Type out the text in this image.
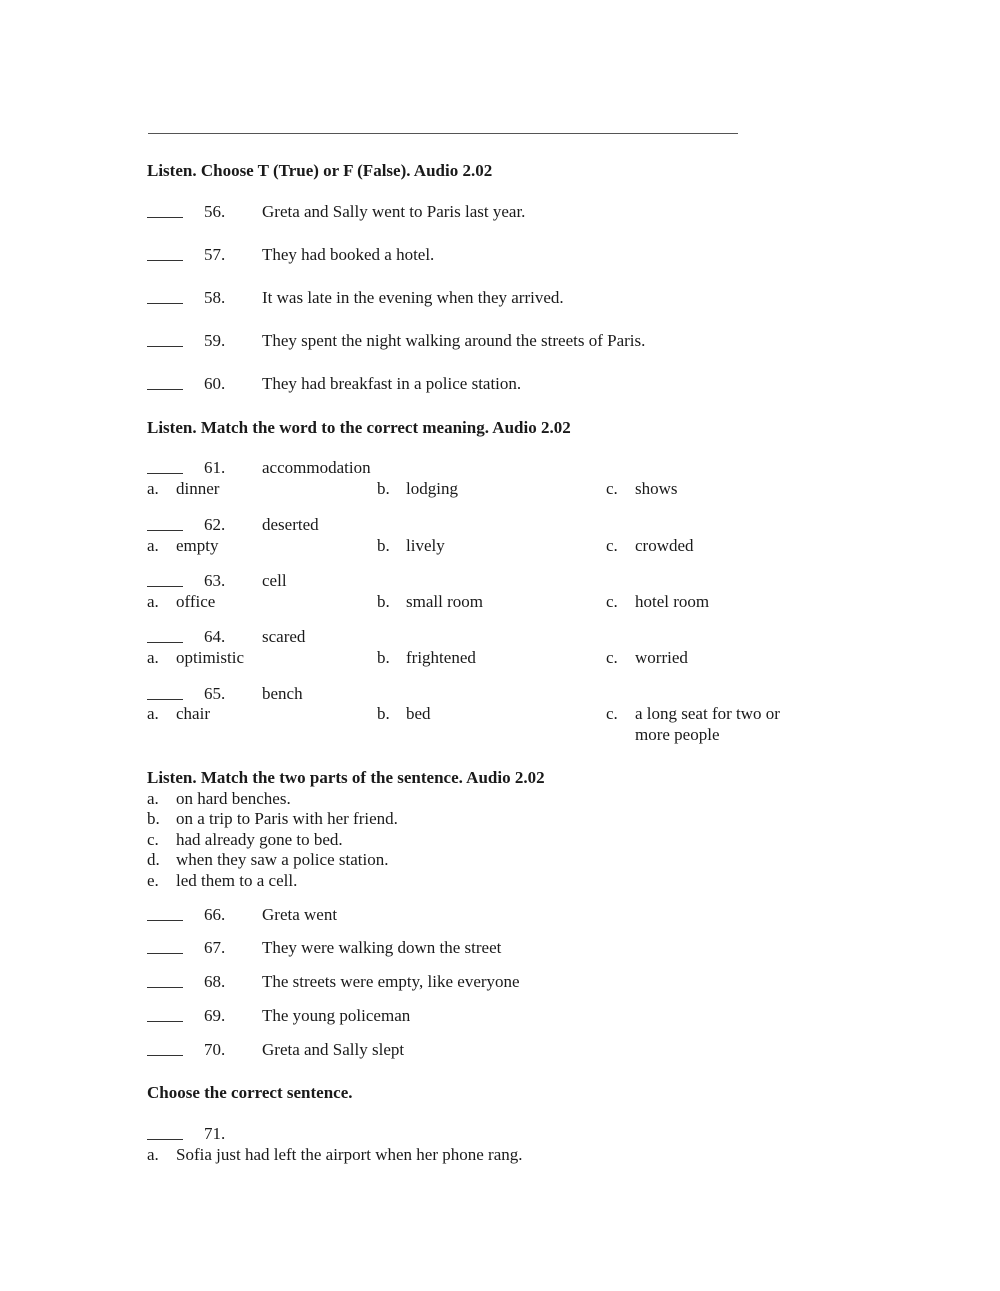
Listen. Choose T (True) or F (False). Audio 2.02
56. Greta and Sally went to Paris last year.
57. They had booked a hotel.
58. It was late in the evening when they arrived.
59. They spent the night walking around the streets of Paris.
60. They had breakfast in a police station.
Listen. Match the word to the correct meaning. Audio 2.02
61. accommodation
a. dinner	b. lodging	c. shows
62. deserted
a. empty	b. lively	c. crowded
63. cell
a. office	b. small room	c. hotel room
64. scared
a. optimistic	b. frightened	c. worried
65. bench
a. chair	b. bed	c. a long seat for two or
more people
Listen. Match the two parts of the sentence. Audio 2.02
a. on hard benches.
b. on a trip to Paris with her friend.
c. had already gone to bed.
d. when they saw a police station.
e. led them to a cell.
66. Greta went
67. They were walking down the street
68. The streets were empty, like everyone
69. The young policeman
70. Greta and Sally slept
Choose the correct sentence.
71.
a. Sofia just had left the airport when her phone rang.
